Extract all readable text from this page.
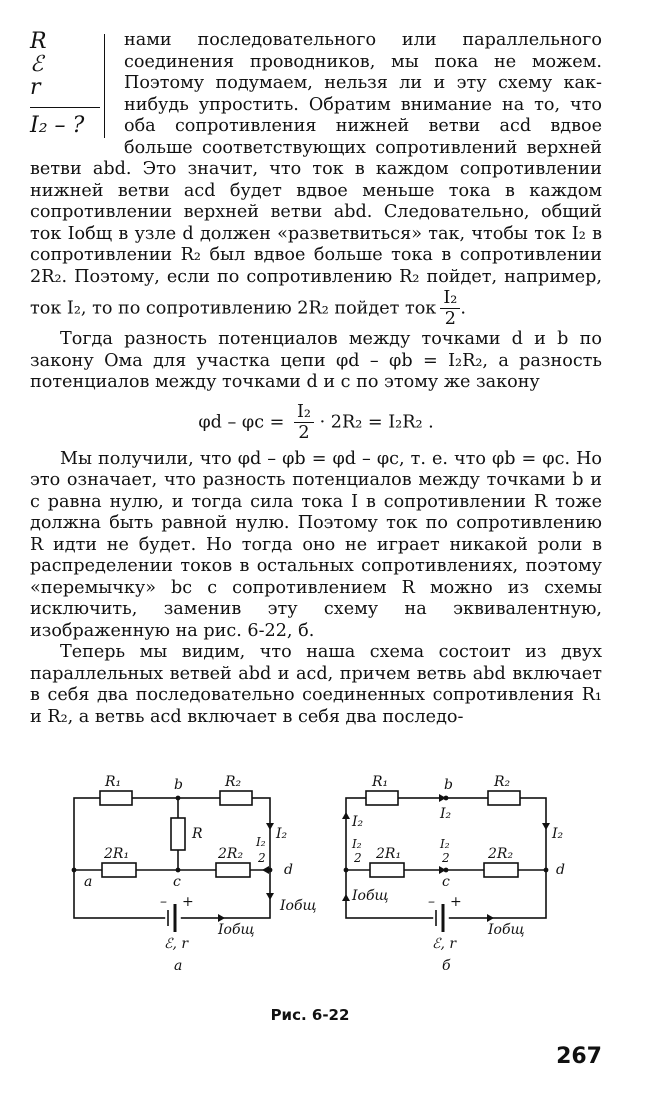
R
ℰ
r
I₂ – ?

нами последовательного или параллельного соединения проводников, мы пока не можем. Поэтому подумаем, нельзя ли и эту схему как-нибудь упростить. Обратим внимание на то, что оба сопротивления нижней ветви acd вдвое больше соответствующих сопротивлений верхней ветви abd. Это значит, что ток в каждом сопротивлении нижней ветви acd будет вдвое меньше тока в каждом сопротивлении верхней ветви abd. Следовательно, общий ток Iобщ в узле d должен «разветвиться» так, чтобы ток I₂ в сопротивлении R₂ был вдвое больше тока в сопротивлении 2R₂. Поэтому, если по сопротивлению R₂ пойдет, например, ток I₂, то по сопротивлению 2R₂ пойдет ток $\frac{\text{I₂}}{2}$ .

Тогда разность потенциалов между точками d и b по закону Ома для участка цепи φd – φb = I₂R₂, а разность потенциалов между точками d и c по этому же закону

$\varphi d - \varphi c = \frac{\text{I₂}}{2} \cdot 2R_2 = I_2R_2$ .

Мы получили, что φd – φb = φd – φc, т. е. что φb = φc. Но это означает, что разность потенциалов между точками b и c равна нулю, и тогда сила тока I в сопротивлении R тоже должна быть равной нулю. Поэтому ток по сопротивлению R идти не будет. Но тогда оно не играет никакой роли в распределении токов в остальных сопротивлениях, поэтому «перемычку» bc с сопротивлением R можно из схемы исключить, заменив эту схему на эквивалентную, изображенную на рис. 6-22, б.

Теперь мы видим, что наша схема состоит из двух параллельных ветвей abd и acd, причем ветвь abd включает в себя два последовательно соединенных сопротивления R₁ и R₂, а ветвь acd включает в себя два последо-

R₁	b	R₂
R
2R₁	2R₂
a	c
d
I₂
I₂
2
Iобщ
– +
Iобщ
ℰ, r
а
R₁	b	R₂
I₂	I₂
I₂
I₂
2 2R₁
I₂
2	2R₂
c
d
Iобщ	– +
Iобщ
ℰ, r
б
Рис. 6-22
267
